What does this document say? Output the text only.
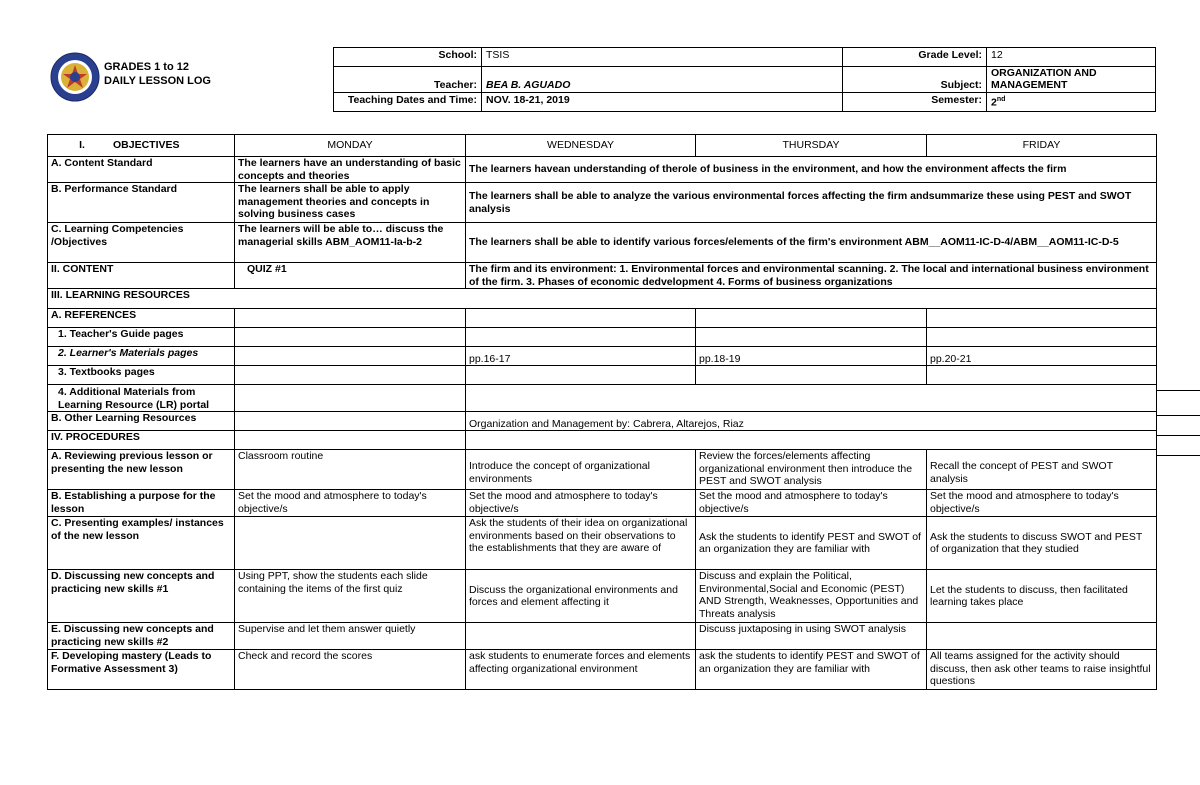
GRADES 1 to 12
DAILY LESSON LOG
School:	TSIS	Grade Level:	12
Teacher:	BEA B. AGUADO	Subject:	ORGANIZATION AND MANAGEMENT
Teaching Dates and Time:	NOV. 18-21, 2019	Semester:	2nd
I. OBJECTIVES	MONDAY	WEDNESDAY	THURSDAY	FRIDAY
A. Content Standard	The learners have an understanding of basic concepts and theories	The learners havean understanding of therole of business in the environment, and how the environment affects the firm		
B. Performance Standard	The learners shall be able to apply management theories and concepts in solving business cases	The learners shall be able to analyze the various environmental forces affecting the firm andsummarize these using PEST and SWOT analysis		
C. Learning Competencies /Objectives	The learners will be able to… discuss the managerial skills ABM_AOM11-Ia-b-2	The learners shall be able to identify various forces/elements of the firm's environment ABM__AOM11-IC-D-4/ABM__AOM11-IC-D-5		
II. CONTENT	QUIZ #1	The firm and its environment: 1. Environmental forces and environmental scanning. 2. The local and international business environment of the firm. 3. Phases of economic dedvelopment 4. Forms of business organizations		
III. LEARNING RESOURCES				
A. REFERENCES				
1. Teacher's Guide pages				
2. Learner's Materials pages		pp.16-17	pp.18-19	pp.20-21
3. Textbooks pages				
4. Additional Materials from Learning Resource (LR) portal				
B. Other Learning Resources		Organization and Management by: Cabrera, Altarejos, Riaz		
IV. PROCEDURES				
A. Reviewing previous lesson or presenting the new lesson	Classroom routine	Introduce the concept of organizational environments	Review the forces/elements affecting organizational environment then introduce the PEST and SWOT analysis	Recall the concept of PEST and SWOT analysis
B. Establishing a purpose for the lesson	Set the mood and atmosphere to today's objective/s	Set the mood and atmosphere to today's objective/s	Set the mood and atmosphere to today's objective/s	Set the mood and atmosphere to today's objective/s
C. Presenting examples/ instances of the new lesson		Ask the students of their idea on organizational environments based on their observations to the establishments that they are aware of	Ask the students to identify PEST and SWOT of an organization they are familiar with	Ask the students to discuss SWOT and PEST of organization that they studied
D. Discussing new concepts and practicing new skills #1	Using PPT, show the students each slide containing the items of the first quiz	Discuss the organizational environments and forces and element affecting it	Discuss and explain the Political, Environmental,Social and Economic (PEST) AND Strength, Weaknesses, Opportunities and Threats analysis	Let the students to discuss, then facilitated learning takes place
E. Discussing new concepts and practicing new skills #2	Supervise and let them answer quietly		Discuss juxtaposing in using SWOT analysis	
F. Developing mastery (Leads to Formative Assessment 3)	Check and record the scores	ask students to enumerate forces and elements affecting organizational environment	ask the students to identify PEST and SWOT of an organization they are familiar with	All teams assigned for the activity should discuss, then ask other teams to raise insightful questions
